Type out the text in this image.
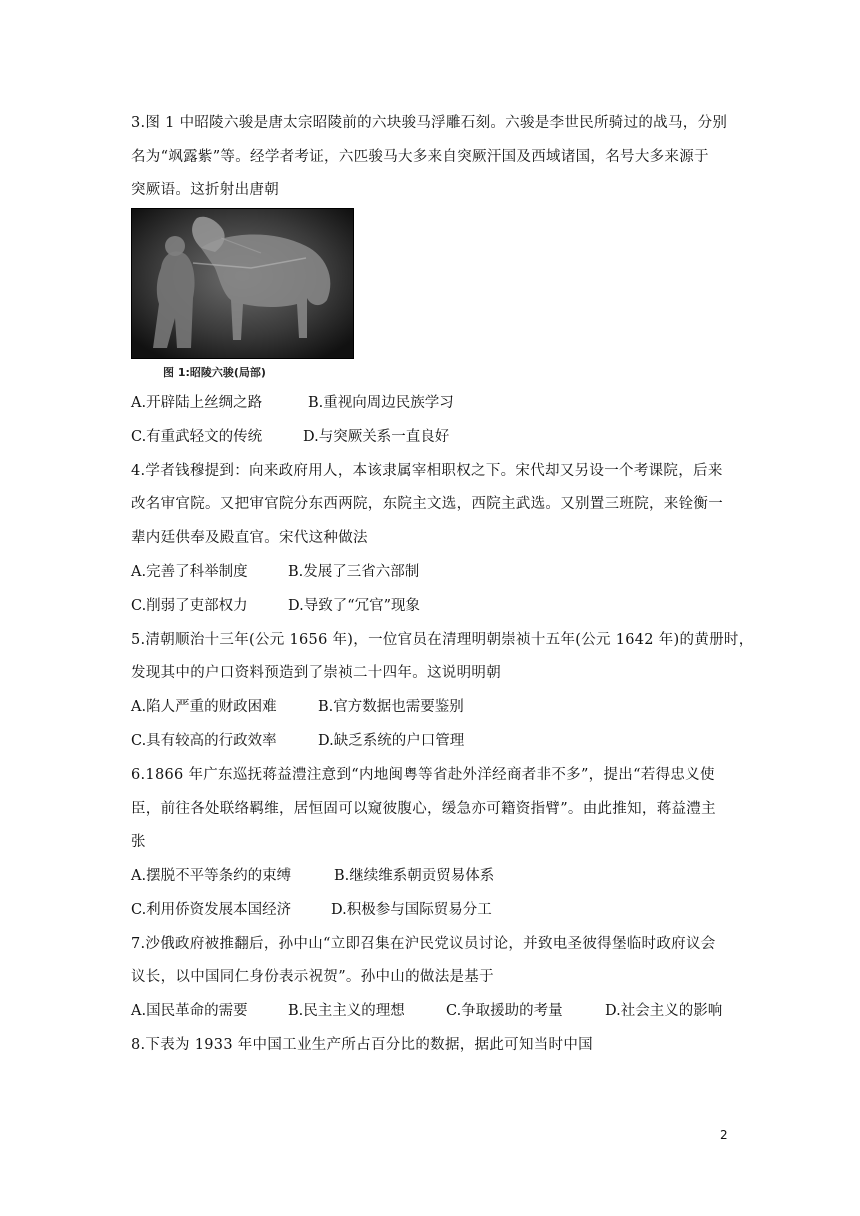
3.图 1 中昭陵六骏是唐太宗昭陵前的六块骏马浮雕石刻。六骏是李世民所骑过的战马，分别
名为“飒露紫”等。经学者考证，六匹骏马大多来自突厥汗国及西域诸国，名号大多来源于
突厥语。这折射出唐朝
图 1:昭陵六骏(局部)
A.开辟陆上丝绸之路	B.重视向周边民族学习
C.有重武轻文的传统	D.与突厥关系一直良好
4.学者钱穆提到：向来政府用人，本该隶属宰相职权之下。宋代却又另设一个考课院，后来
改名审官院。又把审官院分东西两院，东院主文选，西院主武选。又别置三班院，来铨衡一
辈内廷供奉及殿直官。宋代这种做法
A.完善了科举制度	B.发展了三省六部制
C.削弱了吏部权力	D.导致了“冗官”现象
5.清朝顺治十三年(公元 1656 年)，一位官员在清理明朝崇祯十五年(公元 1642 年)的黄册时，
发现其中的户口资料预造到了崇祯二十四年。这说明明朝
A.陷人严重的财政困难	B.官方数据也需要鉴别
C.具有较高的行政效率	D.缺乏系统的户口管理
6.1866 年广东巡抚蒋益澧注意到“内地闽粤等省赴外洋经商者非不多”，提出“若得忠义使
臣，前往各处联络羁维，居恒固可以窥彼腹心，缓急亦可籍资指臂”。由此推知，蒋益澧主
张
A.摆脱不平等条约的束缚	B.继续维系朝贡贸易体系
C.利用侨资发展本国经济	D.积极参与国际贸易分工
7.沙俄政府被推翻后，孙中山“立即召集在沪民党议员讨论，并致电圣彼得堡临时政府议会
议长，以中国同仁身份表示祝贺”。孙中山的做法是基于
A.国民革命的需要	B.民主主义的理想	C.争取援助的考量	D.社会主义的影响
8.下表为 1933 年中国工业生产所占百分比的数据，据此可知当时中国
2
